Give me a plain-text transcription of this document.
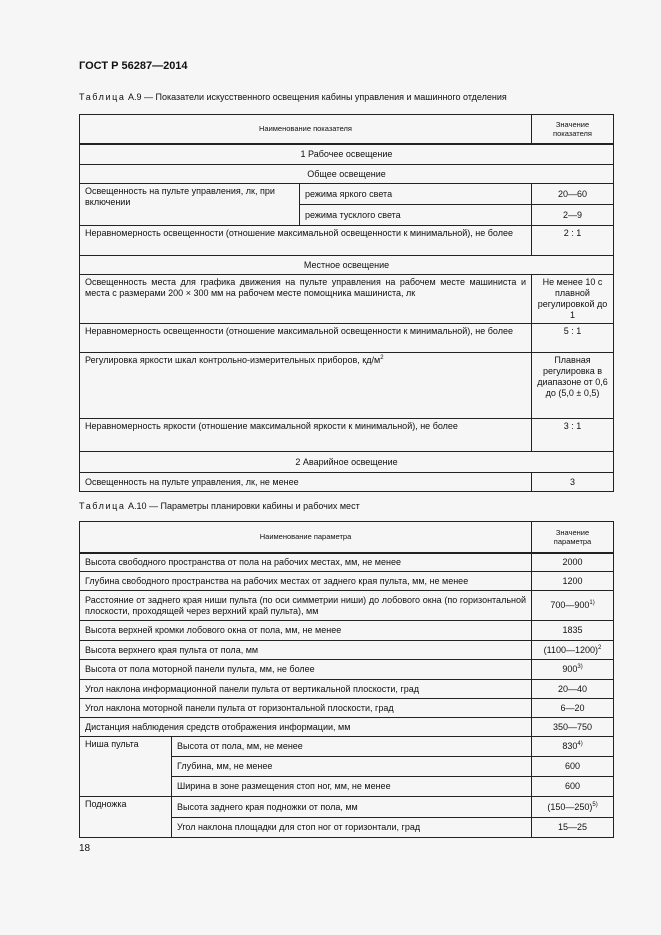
ГОСТ Р 56287—2014
Таблица А.9 — Показатели искусственного освещения кабины управления и машинного отделения
Наименование показателя		Значение показателя
1 Рабочее освещение		
Общее освещение		
Освещенность на пульте управления, лк, при включении	режима яркого света	20—60
	режима тусклого света	2—9
Неравномерность освещенности (отношение максимальной освещенности к минимальной), не более		2 : 1
Местное освещение		
Освещенность места для графика движения на пульте управления на рабочем месте машиниста и места с размерами 200 × 300 мм на рабочем месте помощника машиниста, лк		Не менее 10 с плавной регулировкой до 1
Неравномерность освещенности (отношение максимальной освещенности к минимальной), не более		5 : 1
Регулировка яркости шкал контрольно-измерительных приборов, $кд/м^2$		Плавная регулировка в диапазоне от 0,6 до (5,0 ± 0,5)
Неравномерность яркости (отношение максимальной яркости к минимальной), не более		3 : 1
2 Аварийное освещение		
Освещенность на пульте управления, лк, не менее		3
Таблица А.10 — Параметры планировки кабины и рабочих мест
Наименование параметра		Значение параметра
Высота свободного пространства от пола на рабочих местах, мм, не менее		2000
Глубина свободного пространства на рабочих местах от заднего края пульта, мм, не менее		1200
Расстояние от заднего края ниши пульта (по оси симметрии ниши) до лобового окна (по горизонтальной плоскости, проходящей через верхний край пульта), мм		700—900$^{1)}$
Высота верхней кромки лобового окна от пола, мм, не менее		1835
Высота верхнего края пульта от пола, мм		(1100—1200)$^2$
Высота от пола моторной панели пульта, мм, не более		900$^{3)}$
Угол наклона информационной панели пульта от вертикальной плоскости, град		20—40
Угол наклона моторной панели пульта от горизонтальной плоскости, град		6—20
Дистанция наблюдения средств отображения информации, мм		350—750
Ниша пульта	Высота от пола, мм, не менее	830$^{4)}$
	Глубина, мм, не менее	600
	Ширина в зоне размещения стоп ног, мм, не менее	600
Подножка	Высота заднего края подножки от пола, мм	(150—250)$^{5)}$
	Угол наклона площадки для стоп ног от горизонтали, град	15—25
18
